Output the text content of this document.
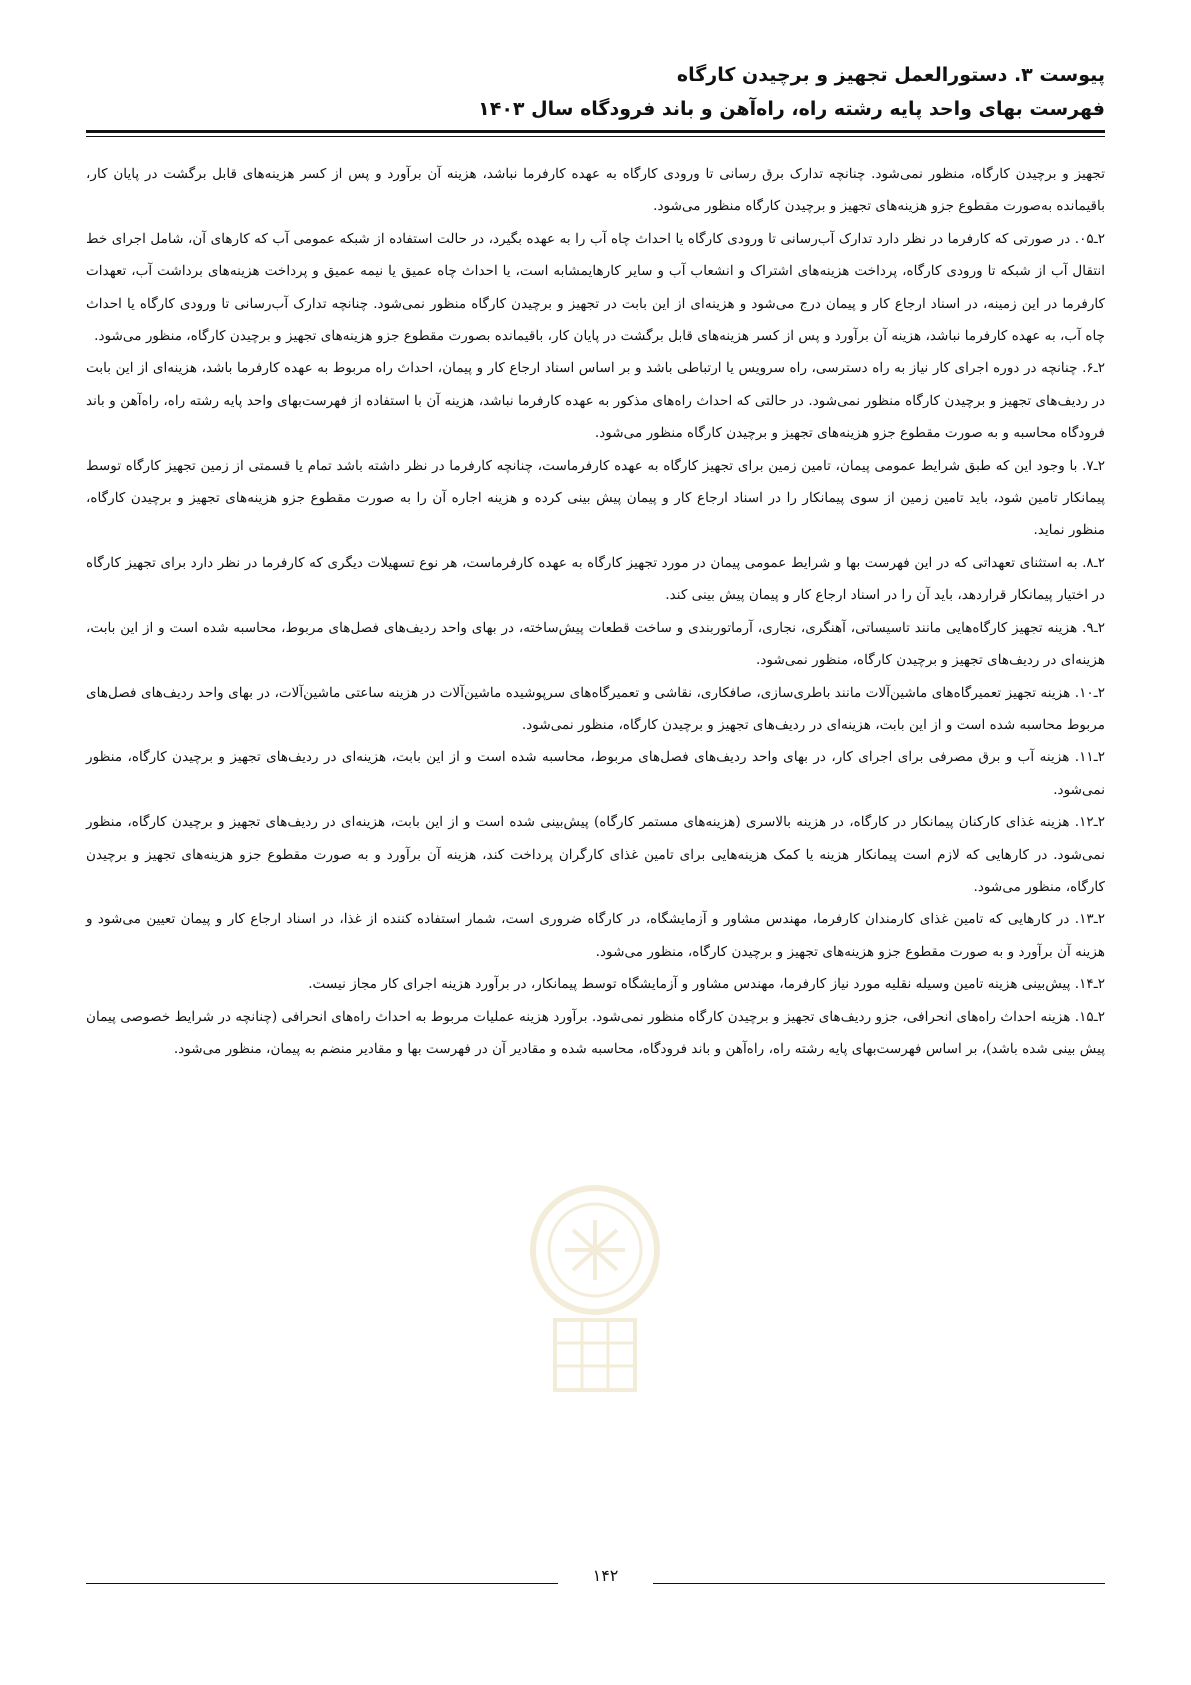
پیوست ۳. دستورالعمل تجهیز و برچیدن کارگاه
فهرست بهای واحد پایه رشته راه، راه‌آهن و باند فرودگاه سال ۱۴۰۳

تجهیز و برچیدن کارگاه، منظور نمی‌شود. چنانچه تدارک برق رسانی تا ورودی کارگاه به عهده کارفرما نباشد، هزینه آن برآورد و پس از کسر هزینه‌های قابل برگشت در پایان کار، باقیمانده به‌صورت مقطوع جزو هزینه‌های تجهیز و برچیدن کارگاه منظور می‌شود.

۲ـ۰۵. در صورتی که کارفرما در نظر دارد تدارک آب‌رسانی تا ورودی کارگاه یا احداث چاه آب را به عهده بگیرد، در حالت استفاده از شبکه عمومی آب که کارهای آن، شامل اجرای خط انتقال آب از شبکه تا ورودی کارگاه، پرداخت هزینه‌های اشتراک و انشعاب آب و سایر کارهایمشابه است، یا احداث چاه عمیق یا نیمه عمیق و پرداخت هزینه‌های برداشت آب، تعهدات کارفرما در این زمینه، در اسناد ارجاع کار و پیمان درج می‌شود و هزینه‌ای از این بابت در تجهیز و برچیدن کارگاه منظور نمی‌شود. چنانچه تدارک آب‌رسانی تا ورودی کارگاه یا احداث چاه آب، به عهده کارفرما نباشد، هزینه آن برآورد و پس از کسر هزینه‌های قابل برگشت در پایان کار، باقیمانده بصورت مقطوع جزو هزینه‌های تجهیز و برچیدن کارگاه، منظور می‌شود.

۲ـ۶. چنانچه در دوره اجرای کار نیاز به راه دسترسی، راه سرویس یا ارتباطی باشد و بر اساس اسناد ارجاع کار و پیمان، احداث راه مربوط به عهده کارفرما باشد، هزینه‌ای از این بابت در ردیف‌های تجهیز و برچیدن کارگاه منظور نمی‌شود. در حالتی که احداث راه‌های مذکور به عهده کارفرما نباشد، هزینه آن با استفاده از فهرست‌بهای واحد پایه رشته راه، راه‌آهن و باند فرودگاه محاسبه و به صورت مقطوع جزو هزینه‌های تجهیز و برچیدن کارگاه منظور می‌شود.

۲ـ۷. با وجود این که طبق شرایط عمومی پیمان، تامین زمین برای تجهیز کارگاه به عهده کارفرماست، چنانچه کارفرما در نظر داشته باشد تمام یا قسمتی از زمین تجهیز کارگاه توسط پیمانکار تامین شود، باید تامین زمین از سوی پیمانکار را در اسناد ارجاع کار و پیمان پیش بینی کرده و هزینه اجاره آن را به صورت مقطوع جزو هزینه‌های تجهیز و برچیدن کارگاه، منظور نماید.

۲ـ۸. به استثنای تعهداتی که در این فهرست بها و شرایط عمومی پیمان در مورد تجهیز کارگاه به عهده کارفرماست، هر نوع تسهیلات دیگری که کارفرما در نظر دارد برای تجهیز کارگاه در اختیار پیمانکار قراردهد، باید آن را در اسناد ارجاع کار و پیمان پیش بینی کند.

۲ـ۹. هزینه تجهیز کارگاه‌هایی مانند تاسیساتی، آهنگری، نجاری، آرماتوربندی و ساخت قطعات پیش‌ساخته، در بهای واحد ردیف‌های فصل‌های مربوط، محاسبه شده است و از این بابت، هزینه‌ای در ردیف‌های تجهیز و برچیدن کارگاه، منظور نمی‌شود.

۲ـ۱۰. هزینه تجهیز تعمیرگاه‌های ماشین‌آلات مانند باطری‌سازی، صافکاری، نقاشی و تعمیرگاه‌های سرپوشیده ماشین‌آلات در هزینه ساعتی ماشین‌آلات، در بهای واحد ردیف‌های فصل‌های مربوط محاسبه شده است و از این بابت، هزینه‌ای در ردیف‌های تجهیز و برچیدن کارگاه، منظور نمی‌شود.

۲ـ۱۱. هزینه آب و برق مصرفی برای اجرای کار، در بهای واحد ردیف‌های فصل‌های مربوط، محاسبه شده است و از این بابت، هزینه‌ای در ردیف‌های تجهیز و برچیدن کارگاه، منظور نمی‌شود.

۲ـ۱۲. هزینه غذای کارکنان پیمانکار در کارگاه، در هزینه بالاسری (هزینه‌های مستمر کارگاه) پیش‌بینی شده است و از این بابت، هزینه‌ای در ردیف‌های تجهیز و برچیدن کارگاه، منظور نمی‌شود. در کارهایی که لازم است پیمانکار هزینه یا کمک هزینه‌هایی برای تامین غذای کارگران پرداخت کند، هزینه آن برآورد و به صورت مقطوع جزو هزینه‌های تجهیز و برچیدن کارگاه، منظور می‌شود.

۲ـ۱۳. در کارهایی که تامین غذای کارمندان کارفرما، مهندس مشاور و آزمایشگاه، در کارگاه ضروری است، شمار استفاده کننده از غذا، در اسناد ارجاع کار و پیمان تعیین می‌شود و هزینه آن برآورد و به صورت مقطوع جزو هزینه‌های تجهیز و برچیدن کارگاه، منظور می‌شود.

۲ـ۱۴. پیش‌بینی هزینه تامین وسیله نقلیه مورد نیاز کارفرما، مهندس مشاور و آزمایشگاه توسط پیمانکار، در برآورد هزینه اجرای کار مجاز نیست.

۲ـ۱۵. هزینه احداث راه‌های انحرافی، جزو ردیف‌های تجهیز و برچیدن کارگاه منظور نمی‌شود. برآورد هزینه عملیات مربوط به احداث راه‌های انحرافی (چنانچه در شرایط خصوصی پیمان پیش بینی شده باشد)، بر اساس فهرست‌بهای پایه رشته راه، راه‌آهن و باند فرودگاه، محاسبه شده و مقادیر آن در فهرست بها و مقادیر منضم به پیمان، منظور می‌شود.

۱۴۲
